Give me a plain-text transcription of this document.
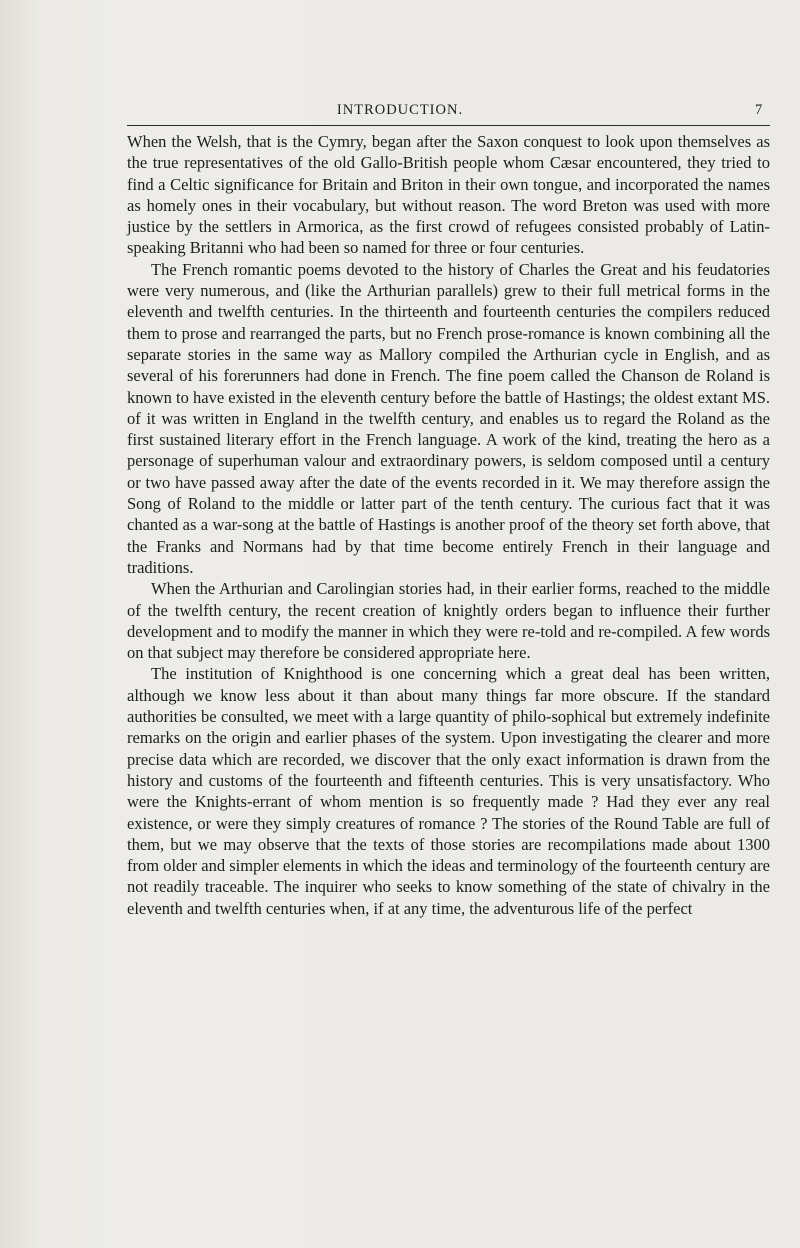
INTRODUCTION.	7

When the Welsh, that is the Cymry, began after the Saxon conquest to look upon themselves as the true representatives of the old Gallo-British people whom Cæsar encountered, they tried to find a Celtic significance for Britain and Briton in their own tongue, and incorporated the names as homely ones in their vocabulary, but without reason. The word Breton was used with more justice by the settlers in Armorica, as the first crowd of refugees consisted probably of Latin-speaking Britanni who had been so named for three or four centuries.

The French romantic poems devoted to the history of Charles the Great and his feudatories were very numerous, and (like the Arthurian parallels) grew to their full metrical forms in the eleventh and twelfth centuries. In the thirteenth and fourteenth centuries the compilers reduced them to prose and rearranged the parts, but no French prose-romance is known combining all the separate stories in the same way as Mallory compiled the Arthurian cycle in English, and as several of his forerunners had done in French. The fine poem called the Chanson de Roland is known to have existed in the eleventh century before the battle of Hastings; the oldest extant MS. of it was written in England in the twelfth century, and enables us to regard the Roland as the first sustained literary effort in the French language. A work of the kind, treating the hero as a personage of superhuman valour and extraordinary powers, is seldom composed until a century or two have passed away after the date of the events recorded in it. We may therefore assign the Song of Roland to the middle or latter part of the tenth century. The curious fact that it was chanted as a war-song at the battle of Hastings is another proof of the theory set forth above, that the Franks and Normans had by that time become entirely French in their language and traditions.

When the Arthurian and Carolingian stories had, in their earlier forms, reached to the middle of the twelfth century, the recent creation of knightly orders began to influence their further development and to modify the manner in which they were re-told and re-compiled. A few words on that subject may therefore be considered appropriate here.

The institution of Knighthood is one concerning which a great deal has been written, although we know less about it than about many things far more obscure. If the standard authorities be consulted, we meet with a large quantity of philo-sophical but extremely indefinite remarks on the origin and earlier phases of the system. Upon investigating the clearer and more precise data which are recorded, we discover that the only exact information is drawn from the history and customs of the fourteenth and fifteenth centuries. This is very unsatisfactory. Who were the Knights-errant of whom mention is so frequently made ? Had they ever any real existence, or were they simply creatures of romance ? The stories of the Round Table are full of them, but we may observe that the texts of those stories are recompilations made about 1300 from older and simpler elements in which the ideas and terminology of the fourteenth century are not readily traceable. The inquirer who seeks to know something of the state of chivalry in the eleventh and twelfth centuries when, if at any time, the adventurous life of the perfect
